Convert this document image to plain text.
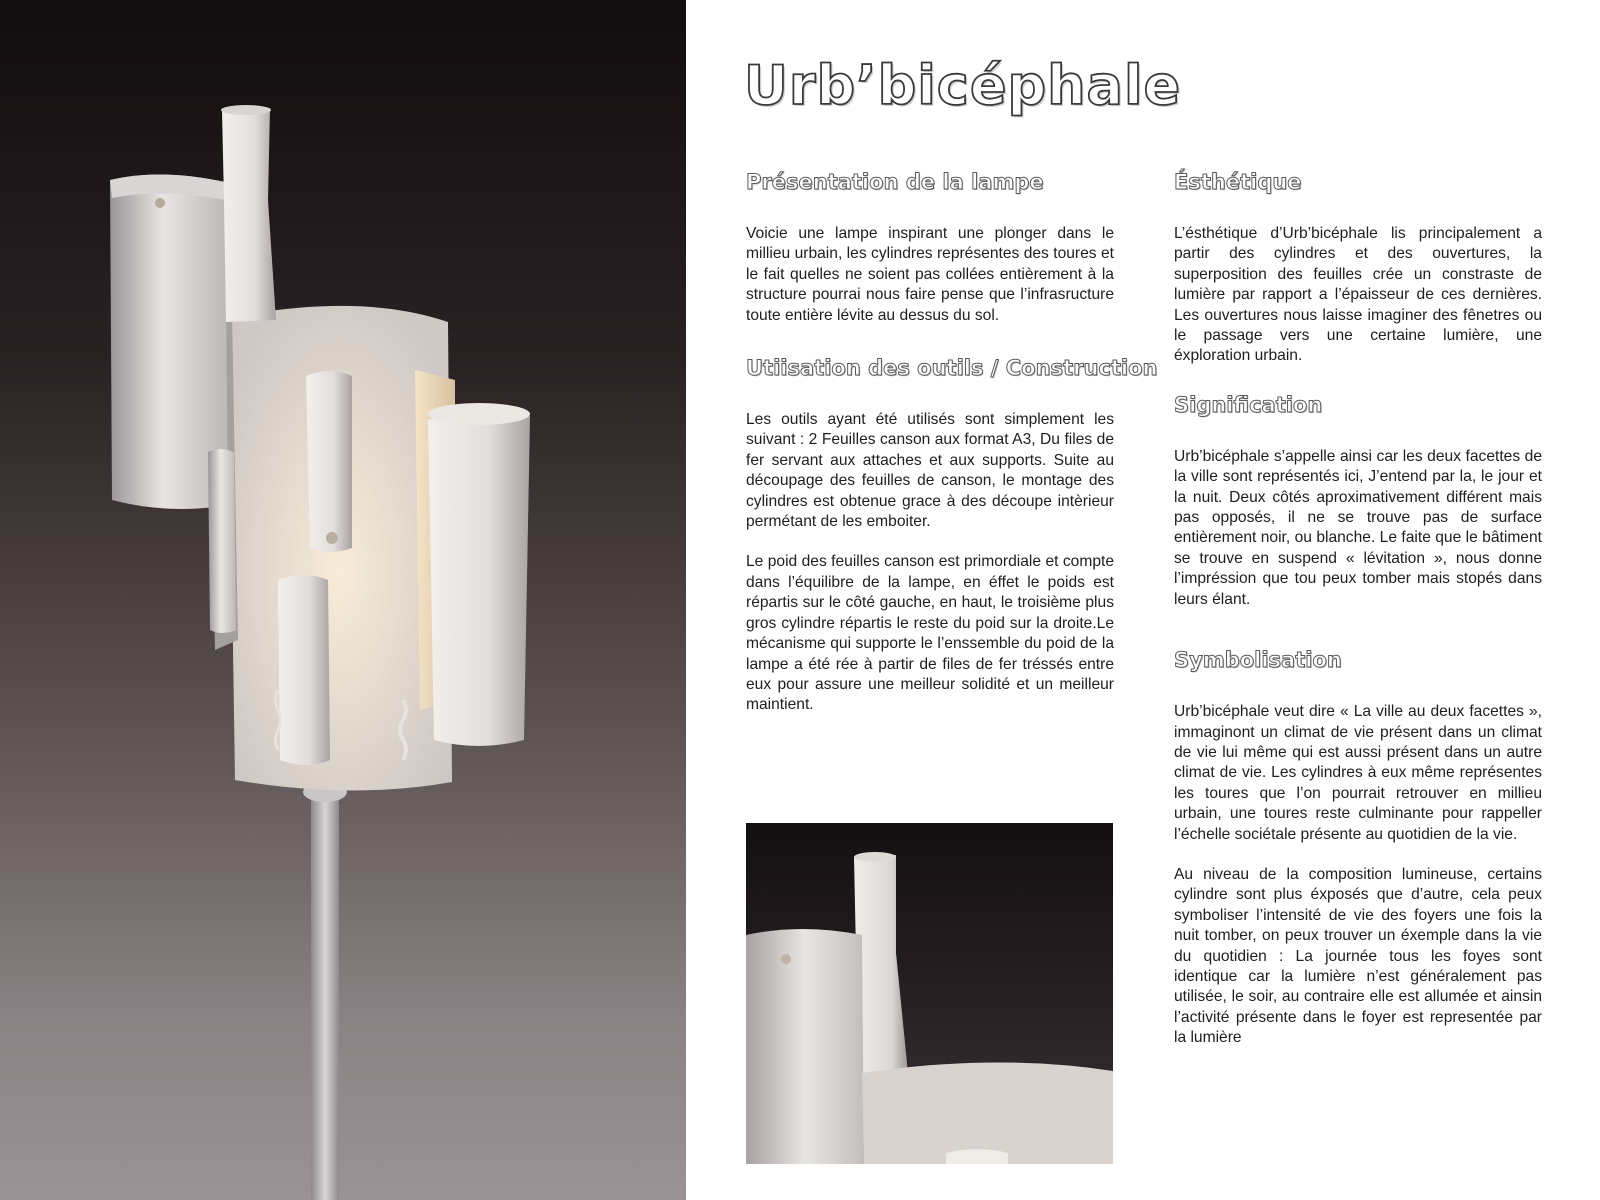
Urb’bicéphale
Présentation de la lampe

Voicie une lampe inspirant une plonger dans le millieu urbain, les cylindres représentes des toures et le fait quelles ne soient pas collées entièrement à la structure pourrai nous faire pense que l’infrasructure toute entière lévite au dessus du sol.

Utiisation des outils / Construction

Les outils ayant été utilisés sont simplement les suivant : 2 Feuilles canson aux format A3, Du files de fer servant aux attaches et aux supports. Suite au découpage des feuilles de canson, le montage des cylindres est obtenue grace à des découpe intèrieur permétant de les emboiter.

Le poid des feuilles canson est primordiale et compte dans l’équilibre de la lampe, en éffet le poids est répartis sur le côté gauche, en haut, le troisième plus gros cylindre répartis le reste du poid sur la droite.Le mécanisme qui supporte le l’enssemble du poid de la lampe a été rée à partir de files de fer tréssés entre eux pour assure une meilleur solidité et un meilleur maintient.

Ésthétique

L’ésthétique d’Urb’bicéphale lis principalement a partir des cylindres et des ouvertures, la superposition des feuilles crée un constraste de lumière par rapport a l’épaisseur de ces dernières. Les ouvertures nous laisse imaginer des fênetres ou le passage vers une certaine lumière, une éxploration urbain.

Signification

Urb’bicéphale s’appelle ainsi car les deux facettes de la ville sont représentés ici, J’entend par la, le jour et la nuit. Deux côtés aproximativement différent mais pas opposés, il ne se trouve pas de surface entièrement noir, ou blanche. Le faite que le bâtiment se trouve en suspend « lévitation », nous donne l’impréssion que tou peux tomber mais stopés dans leurs élant.

Symbolisation

Urb’bicéphale veut dire « La ville au deux facettes », immaginont un climat de vie présent dans un climat de vie lui même qui est aussi présent dans un autre climat de vie. Les cylindres à eux même représentes les toures que l’on pourrait retrouver en millieu urbain, une toures reste culminante pour rappeller l’échelle sociétale présente au quotidien de la vie.

Au niveau de la composition lumineuse, certains cylindre sont plus éxposés que d’autre, cela peux symboliser l’intensité de vie des foyers une fois la nuit tomber, on peux trouver un éxemple dans la vie du quotidien : La journée tous les foyes sont identique car la lumière n’est généralement pas utilisée, le soir, au contraire elle est allumée et ainsin l’activité présente dans le foyer est representée par la lumière
